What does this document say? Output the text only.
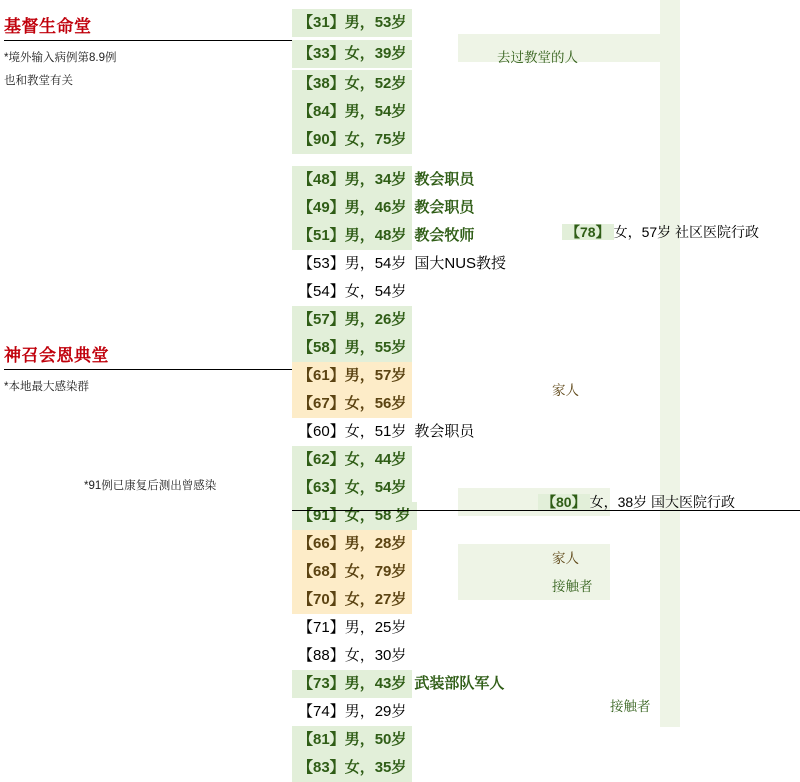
基督生命堂
*境外输入病例第8.9例
也和教堂有关
【31】男，53岁
【33】女，39岁
【38】女，52岁
【84】男，54岁
【90】女，75岁
去过教堂的人
神召会恩典堂
*本地最大感染群
*91例已康复后测出曾感染
【48】男，34岁 教会职员
【49】男，46岁 教会职员
【51】男，48岁 教会牧师
【53】男，54岁 国大NUS教授
【54】女，54岁
【57】男，26岁
【58】男，55岁
【61】男，57岁
【67】女，56岁
【60】女，51岁 教会职员
【62】女，44岁
【63】女，54岁
【91】女，58 岁
【66】男，28岁
【68】女，79岁
【70】女，27岁
【71】男，25岁
【88】女，30岁
【73】男，43岁 武装部队军人
【74】男，29岁
【81】男，50岁
【83】女，35岁
家人
家人
接触者
接触者
【78】 女，57岁 社区医院行政
【80】 女，38岁 国大医院行政
